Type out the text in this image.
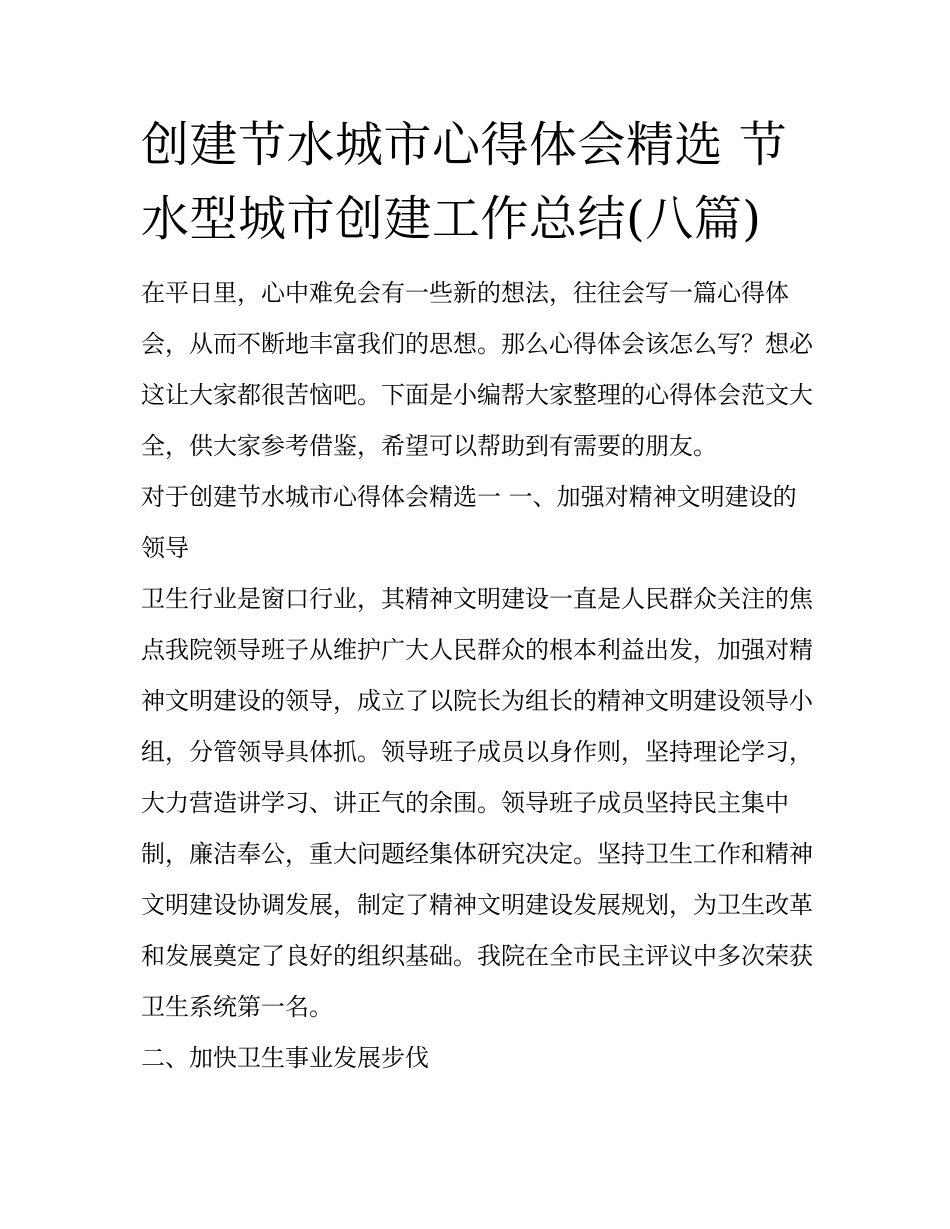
创建节水城市心得体会精选 节水型城市创建工作总结(八篇)

在平日里，心中难免会有一些新的想法，往往会写一篇心得体会，从而不断地丰富我们的思想。那么心得体会该怎么写？想必这让大家都很苦恼吧。下面是小编帮大家整理的心得体会范文大全，供大家参考借鉴，希望可以帮助到有需要的朋友。

对于创建节水城市心得体会精选一 一、加强对精神文明建设的领导

卫生行业是窗口行业，其精神文明建设一直是人民群众关注的焦点我院领导班子从维护广大人民群众的根本利益出发，加强对精神文明建设的领导，成立了以院长为组长的精神文明建设领导小组，分管领导具体抓。领导班子成员以身作则，坚持理论学习，大力营造讲学习、讲正气的余围。领导班子成员坚持民主集中制，廉洁奉公，重大问题经集体研究决定。坚持卫生工作和精神文明建设协调发展，制定了精神文明建设发展规划，为卫生改革和发展奠定了良好的组织基础。我院在全市民主评议中多次荣获卫生系统第一名。

二、加快卫生事业发展步伐
